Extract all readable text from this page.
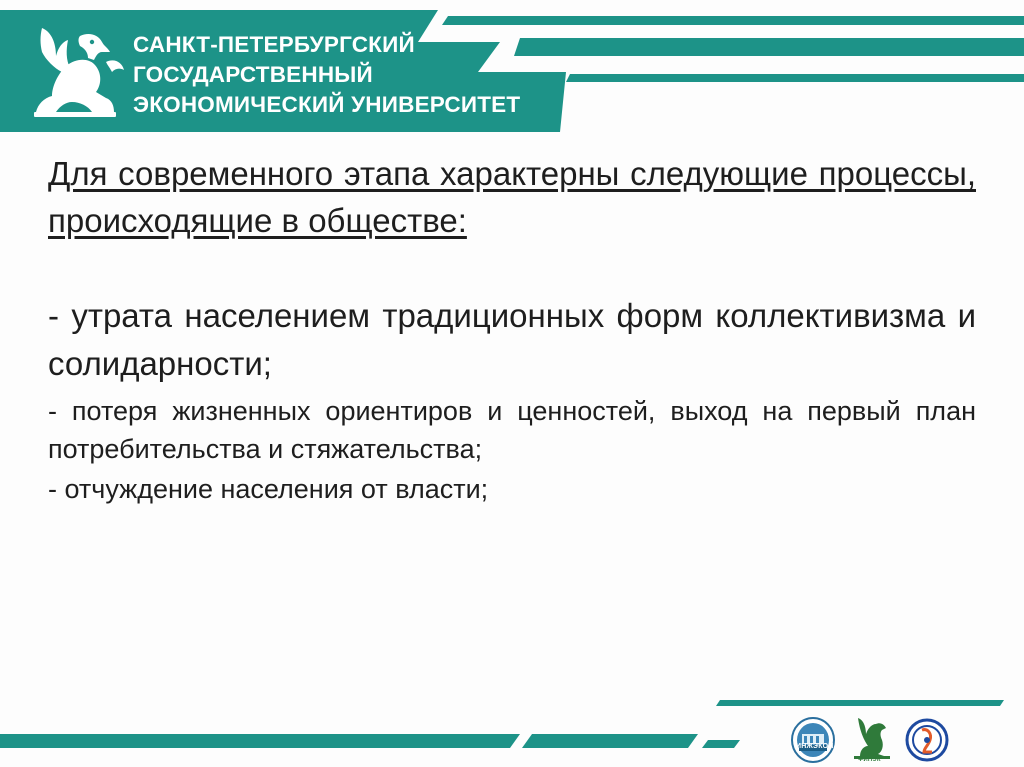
САНКТ-ПЕТЕРБУРГСКИЙ
ГОСУДАРСТВЕННЫЙ
ЭКОНОМИЧЕСКИЙ УНИВЕРСИТЕТ
Для современного этапа характерны следующие процессы, происходящие в обществе:
- утрата населением традиционных форм коллективизма и солидарности;
- потеря жизненных ориентиров и ценностей, выход на первый план потребительства и стяжательства;
- отчуждение населения от власти;
ИНЖЭКОН
ФИНЭК
